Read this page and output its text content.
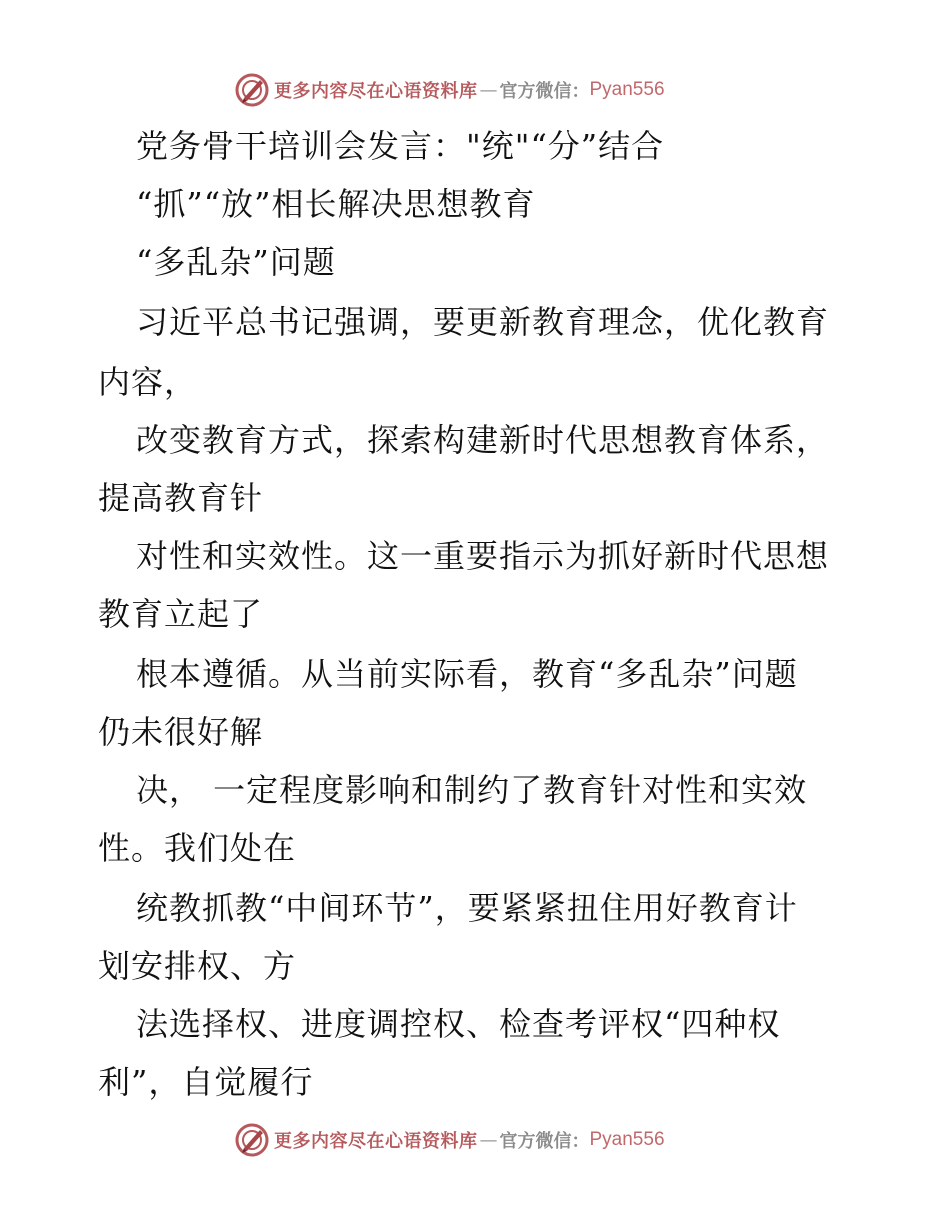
更多内容尽在心语资料库 — 官方微信： Pyan556
党务骨干培训会发言："统"“分”结合
“抓”“放”相长解决思想教育
“多乱杂”问题
习近平总书记强调，要更新教育理念，优化教育
内容，
改变教育方式，探索构建新时代思想教育体系，
提高教育针
对性和实效性。这一重要指示为抓好新时代思想
教育立起了
根本遵循。从当前实际看，教育“多乱杂”问题
仍未很好解
决， 一定程度影响和制约了教育针对性和实效
性。我们处在
统教抓教“中间环节”，要紧紧扭住用好教育计
划安排权、方
法选择权、进度调控权、检查考评权“四种权
利”，自觉履行
更多内容尽在心语资料库 — 官方微信： Pyan556
